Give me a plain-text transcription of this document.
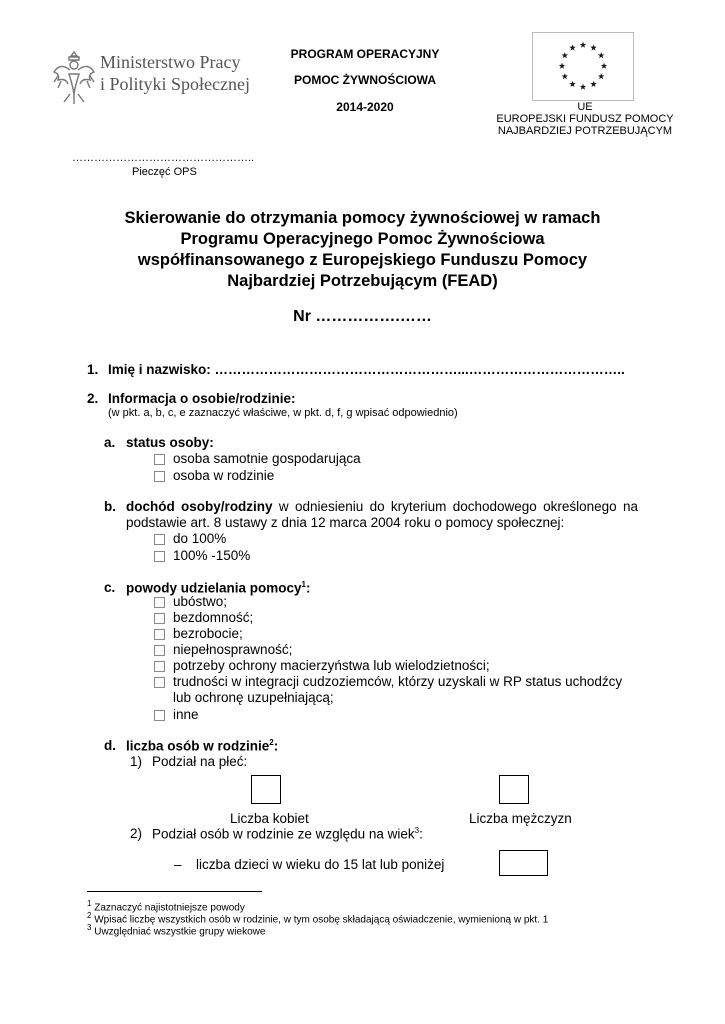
Ministerstwo Pracy
i Polityki Społecznej
PROGRAM OPERACYJNY
POMOC ŻYWNOŚCIOWA
2014-2020	UE
EUROPEJSKI FUNDUSZ POMOCY
NAJBARDZIEJ POTRZEBUJĄCYM
…………………………………………..
Pieczęć OPS
Skierowanie do otrzymania pomocy żywnościowej w ramach
Programu Operacyjnego Pomoc Żywnościowa
współfinansowanego z Europejskiego Funduszu Pomocy
Najbardziej Potrzebującym (FEAD)
Nr …………….……
1. Imię i nazwisko: ………………………………………………...……………………………..
2. Informacja o osobie/rodzinie:
(w pkt. a, b, c, e zaznaczyć właściwe, w pkt. d, f, g wpisać odpowiednio)
a. status osoby:
osoba samotnie gospodarująca
osoba w rodzinie
b. dochód osoby/rodziny w odniesieniu do kryterium dochodowego określonego na
podstawie art. 8 ustawy z dnia 12 marca 2004 roku o pomocy społecznej:
do 100%
100% -150%
c. powody udzielania pomocy$^1$:
ubóstwo;
bezdomność;
bezrobocie;
niepełnosprawność;
potrzeby ochrony macierzyństwa lub wielodzietności;
trudności w integracji cudzoziemców, którzy uzyskali w RP status uchodźcy
lub ochronę uzupełniającą;
inne
d. liczba osób w rodzinie$^2$:
1) Podział na płeć:
Liczba kobiet	Liczba mężczyzn
2) Podział osób w rodzinie ze względu na wiek$^3$:
– liczba dzieci w wieku do 15 lat lub poniżej
$^1$ Zaznaczyć najistotniejsze powody
$^2$ Wpisać liczbę wszystkich osób w rodzinie, w tym osobę składającą oświadczenie, wymienioną w pkt. 1
$^3$ Uwzględniać wszystkie grupy wiekowe
